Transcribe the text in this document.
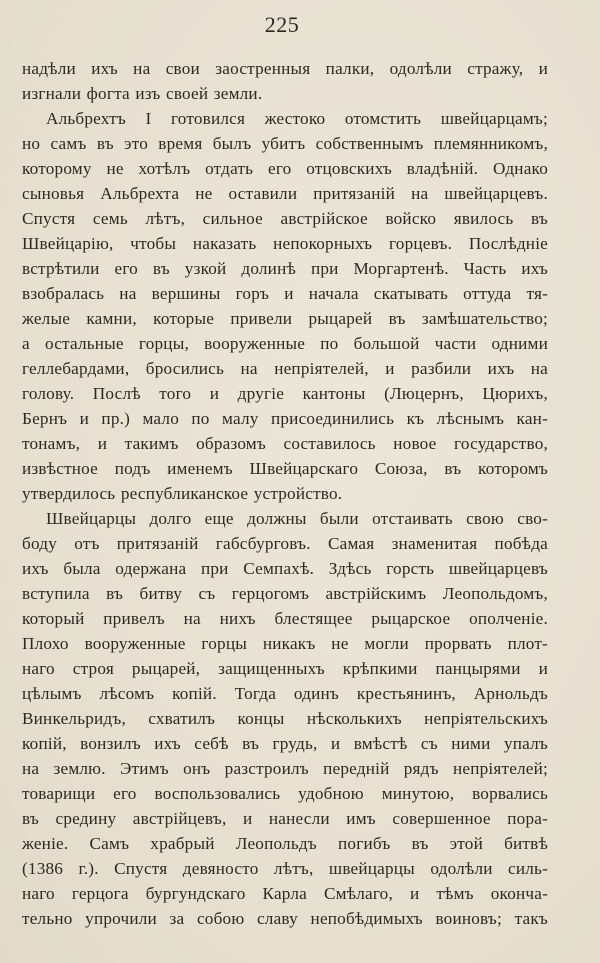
225
надѣли ихъ на свои заостренныя палки, одолѣли стражу, и
изгнали фогта изъ своей земли.
Альбрехтъ I готовился жестоко отомстить швейцарцамъ;
но самъ въ это время былъ убитъ собственнымъ племянникомъ,
которому не хотѣлъ отдать его отцовскихъ владѣній. Однако
сыновья Альбрехта не оставили притязаній на швейцарцевъ.
Спустя семь лѣтъ, сильное австрійское войско явилось въ
Швейцарію, чтобы наказать непокорныхъ горцевъ. Послѣдніе
встрѣтили его въ узкой долинѣ при Моргартенѣ. Часть ихъ
взобралась на вершины горъ и начала скатывать оттуда тя-
желые камни, которые привели рыцарей въ замѣшательство;
а остальные горцы, вооруженные по большой части одними
геллебардами, бросились на непріятелей, и разбили ихъ на
голову. Послѣ того и другіе кантоны (Люцернъ, Цюрихъ,
Бернъ и пр.) мало по малу присоединились къ лѣснымъ кан-
тонамъ, и такимъ образомъ составилось новое государство,
извѣстное подъ именемъ Швейцарскаго Союза, въ которомъ
утвердилось республиканское устройство.
Швейцарцы долго еще должны были отстаивать свою сво-
боду отъ притязаній габсбурговъ. Самая знаменитая побѣда
ихъ была одержана при Семпахѣ. Здѣсь горсть швейцарцевъ
вступила въ битву съ герцогомъ австрійскимъ Леопольдомъ,
который привелъ на нихъ блестящее рыцарское ополченіе.
Плохо вооруженные горцы никакъ не могли прорвать плот-
наго строя рыцарей, защищенныхъ крѣпкими панцырями и
цѣлымъ лѣсомъ копій. Тогда одинъ крестьянинъ, Арнольдъ
Винкельридъ, схватилъ концы нѣсколькихъ непріятельскихъ
копій, вонзилъ ихъ себѣ въ грудь, и вмѣстѣ съ ними упалъ
на землю. Этимъ онъ разстроилъ передній рядъ непріятелей;
товарищи его воспользовались удобною минутою, ворвались
въ средину австрійцевъ, и нанесли имъ совершенное пора-
женіе. Самъ храбрый Леопольдъ погибъ въ этой битвѣ
(1386 г.). Спустя девяносто лѣтъ, швейцарцы одолѣли силь-
наго герцога бургундскаго Карла Смѣлаго, и тѣмъ оконча-
тельно упрочили за собою славу непобѣдимыхъ воиновъ; такъ
